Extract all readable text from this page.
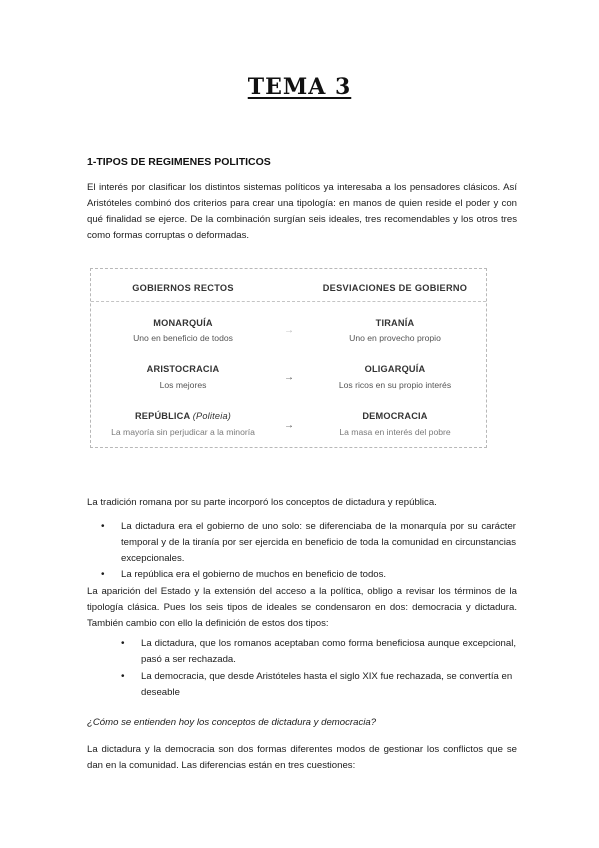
TEMA 3
1-TIPOS DE REGIMENES POLITICOS
El interés por clasificar los distintos sistemas políticos ya interesaba a los pensadores clásicos. Así Aristóteles combinó dos criterios para crear una tipología: en manos de quien reside el poder y con qué finalidad se ejerce. De la combinación surgían seis ideales, tres recomendables y los otros tres como formas corruptas o deformadas.
GOBIERNOS RECTOS	DESVIACIONES DE GOBIERNO
MONARQUÍA
Uno en beneficio de todos
→
TIRANÍA
Uno en provecho propio
ARISTOCRACIA
Los mejores
→
OLIGARQUÍA
Los ricos en su propio interés
REPÚBLICA (Politeia)
La mayoría sin perjudicar a la minoría
→
DEMOCRACIA
La masa en interés del pobre
La tradición romana por su parte incorporó los conceptos de dictadura y república.
• La dictadura era el gobierno de uno solo: se diferenciaba de la monarquía por su carácter temporal y de la tiranía por ser ejercida en beneficio de toda la comunidad en circunstancias excepcionales.
• La república era el gobierno de muchos en beneficio de todos.
La aparición del Estado y la extensión del acceso a la política, obligo a revisar los términos de la tipología clásica. Pues los seis tipos de ideales se condensaron en dos: democracia y dictadura. También cambio con ello la definición de estos dos tipos:
• La dictadura, que los romanos aceptaban como forma beneficiosa aunque excepcional, pasó a ser rechazada.
• La democracia, que desde Aristóteles hasta el siglo XIX fue rechazada, se convertía en deseable
¿Cómo se entienden hoy los conceptos de dictadura y democracia?
La dictadura y la democracia son dos formas diferentes modos de gestionar los conflictos que se dan en la comunidad. Las diferencias están en tres cuestiones:
